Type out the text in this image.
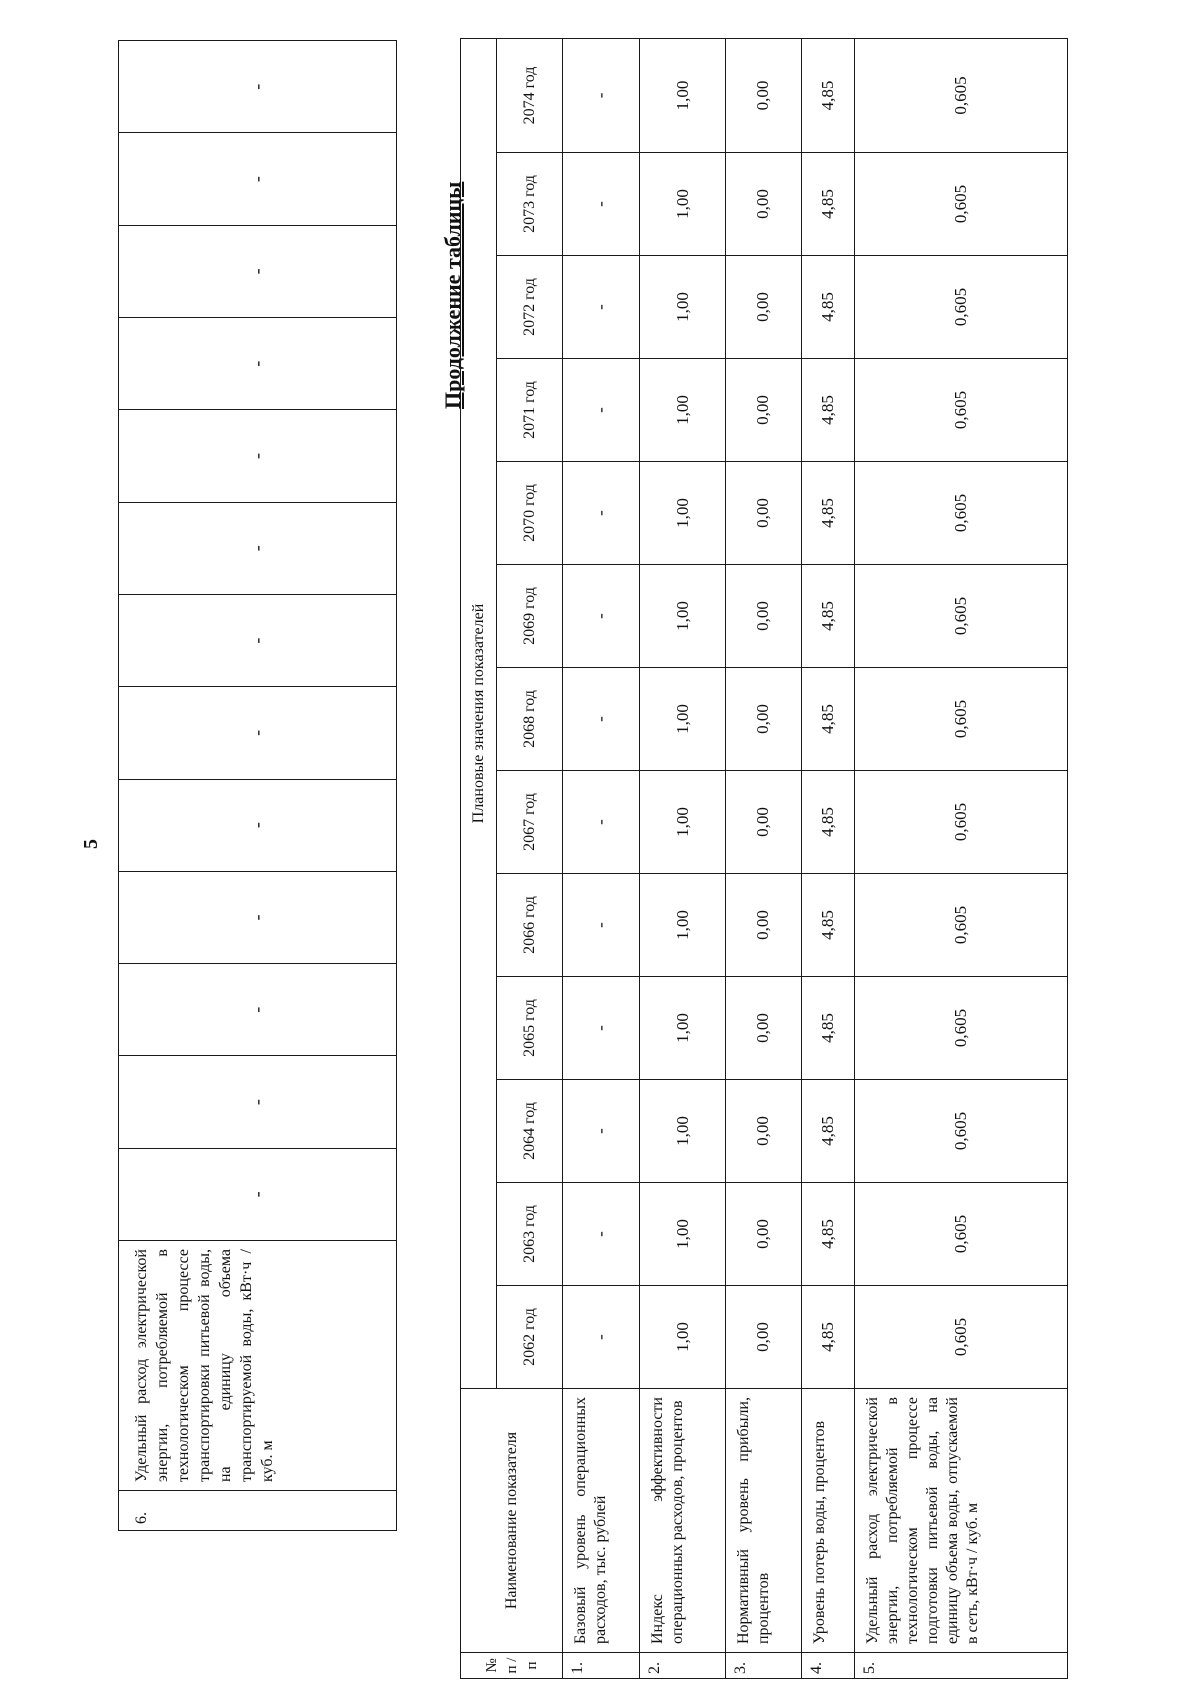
5
6.	Удельный расход электрической энергии, потребляемой в технологическом процессе транспортировки питьевой воды, на единицу объема транспортируемой воды, кВт·ч / куб. м	-	-	-	-	-	-	-	-	-	-	-	-	-
Продолжение таблицы
№ п / п	Наименование показателя	Плановые значения показателей												
		2062 год	2063 год	2064 год	2065 год	2066 год	2067 год	2068 год	2069 год	2070 год	2071 год	2072 год	2073 год	2074 год
1.	Базовый уровень операционных расходов, тыс. рублей	-	-	-	-	-	-	-	-	-	-	-	-	-
2.	Индекс эффективности операционных расходов, процентов	1,00	1,00	1,00	1,00	1,00	1,00	1,00	1,00	1,00	1,00	1,00	1,00	1,00
3.	Нормативный уровень прибыли, процентов	0,00	0,00	0,00	0,00	0,00	0,00	0,00	0,00	0,00	0,00	0,00	0,00	0,00
4.	Уровень потерь воды, процентов	4,85	4,85	4,85	4,85	4,85	4,85	4,85	4,85	4,85	4,85	4,85	4,85	4,85
5.	Удельный расход электрической энергии, потребляемой в технологическом процессе подготовки питьевой воды, на единицу объема воды, отпускаемой в сеть, кВт·ч / куб. м	0,605	0,605	0,605	0,605	0,605	0,605	0,605	0,605	0,605	0,605	0,605	0,605	0,605
